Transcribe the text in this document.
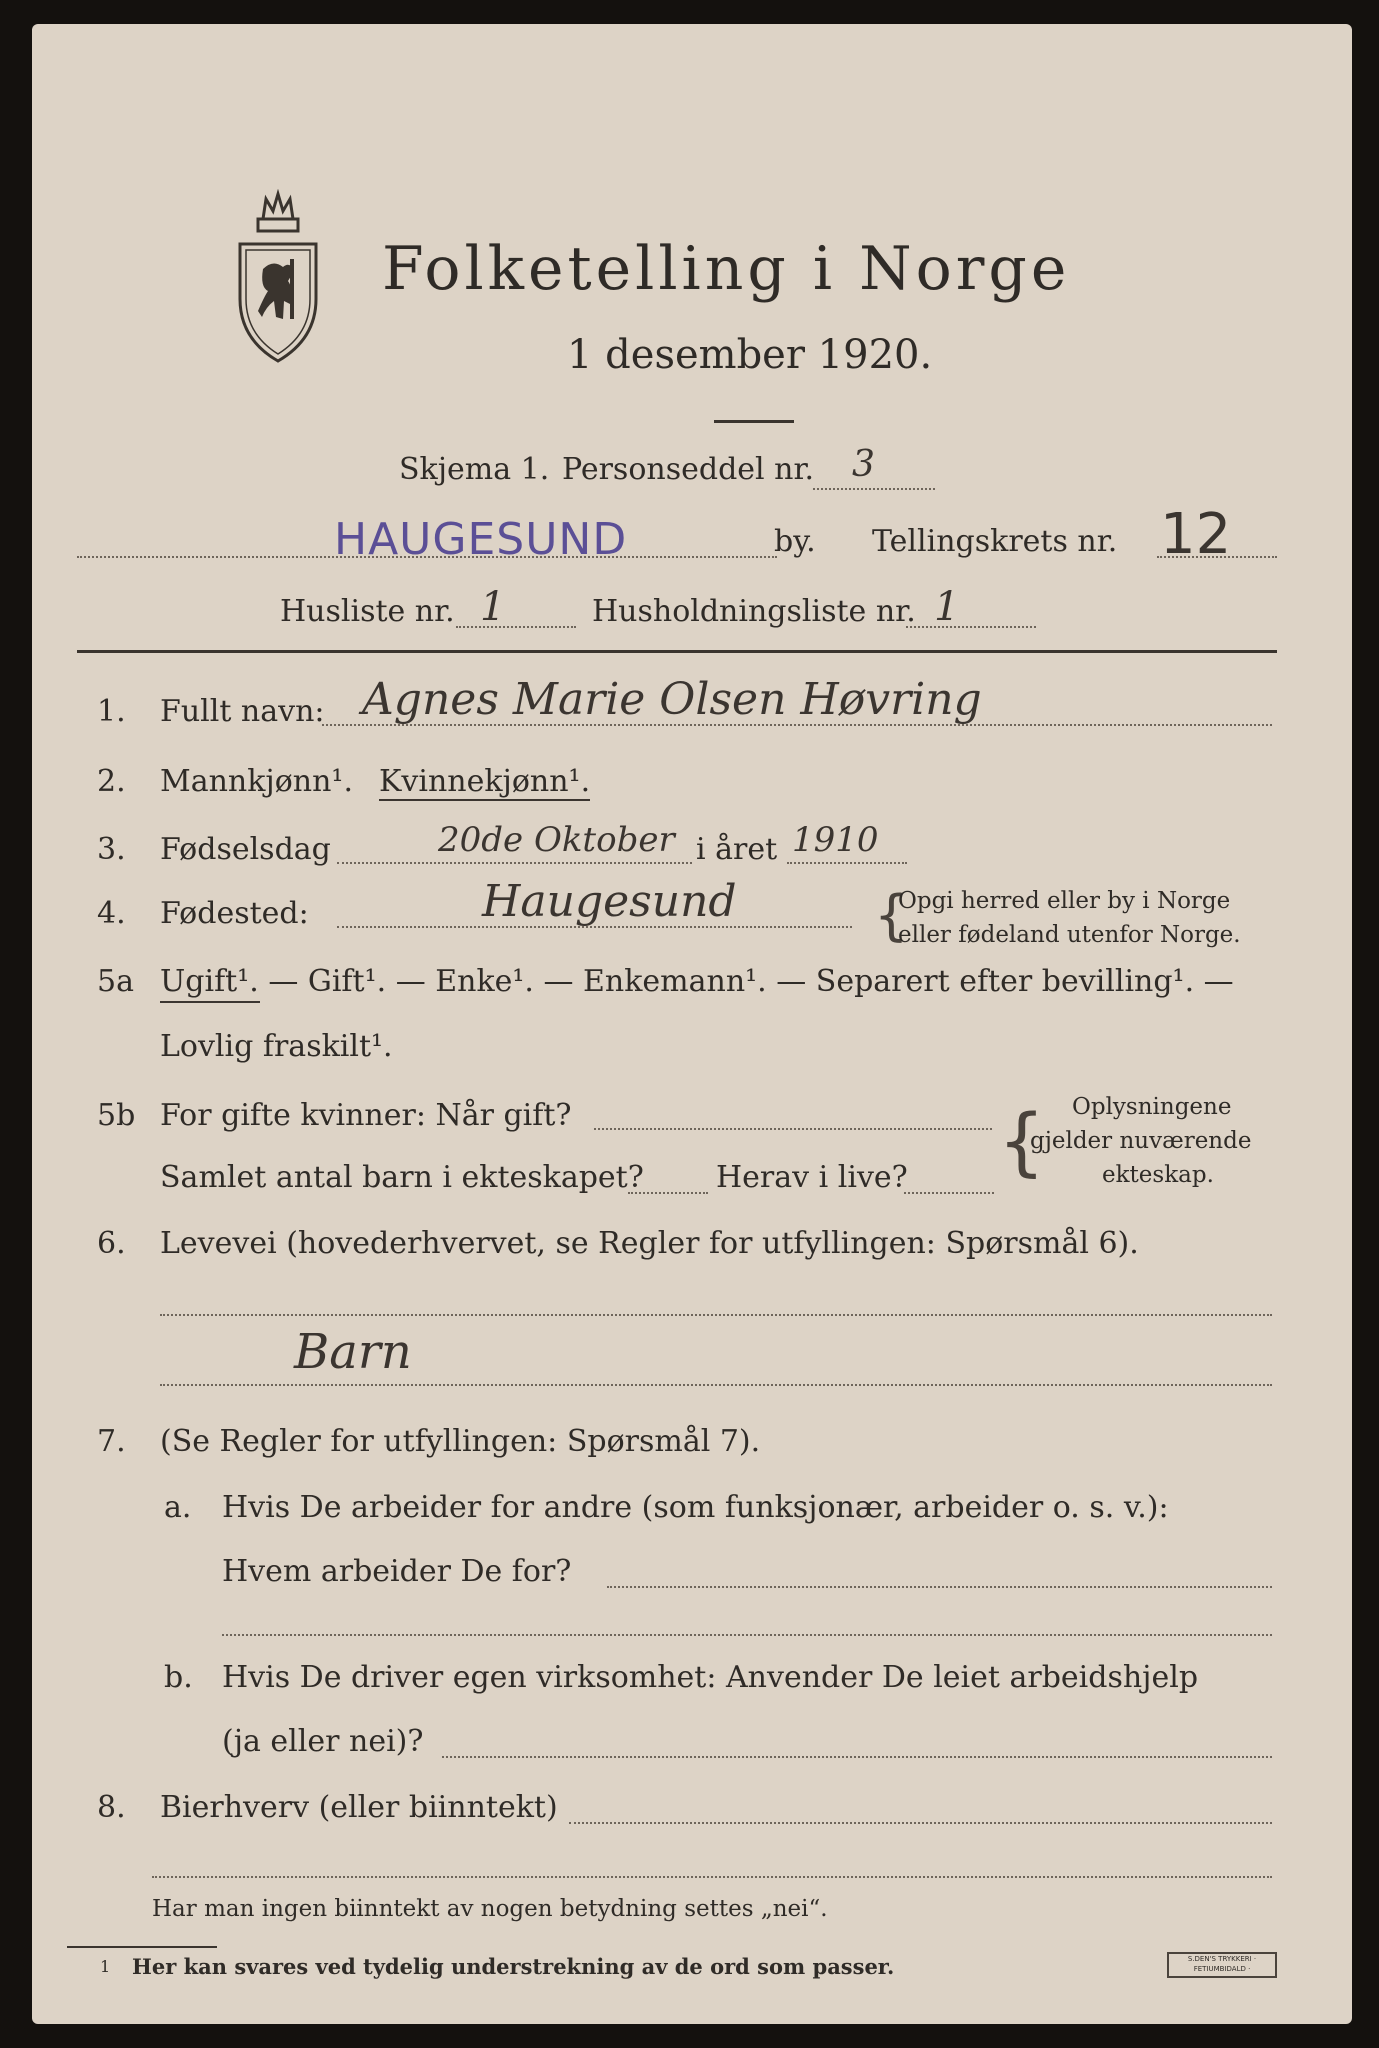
Folketelling i Norge
1 desember 1920.
Skjema 1. Personseddel nr. 3
HAUGESUND	by. Tellingskrets nr. 12
Husliste nr. 1	Husholdningsliste nr. 1
1. Fullt navn: Agnes Marie Olsen Høvring
2. Mannkjønn¹. Kvinnekjønn¹.
3. Fødselsdag	20de Oktober i året 1910
4. Fødested:	Haugesund	{
Opgi herred eller by i Norge
eller fødeland utenfor Norge.
5a Ugift¹. — Gift¹. — Enke¹. — Enkemann¹. — Separert efter bevilling¹. —
Lovlig fraskilt¹.
5b For gifte kvinner: Når gift?
Samlet antal barn i ekteskapet? Herav i live? { Oplysningene
gjelder nuværende
ekteskap.
6. Levevei (hovederhvervet, se Regler for utfyllingen: Spørsmål 6).
Barn
7. (Se Regler for utfyllingen: Spørsmål 7).
a. Hvis De arbeider for andre (som funksjonær, arbeider o. s. v.):
Hvem arbeider De for?
b. Hvis De driver egen virksomhet: Anvender De leiet arbeidshjelp
(ja eller nei)?
8. Bierhverv (eller biinntekt)
Har man ingen biinntekt av nogen betydning settes „nei“.
1 Her kan svares ved tydelig understrekning av de ord som passer.	S.DEN'S TRYKKERI · FETIUMBIDALD ·
